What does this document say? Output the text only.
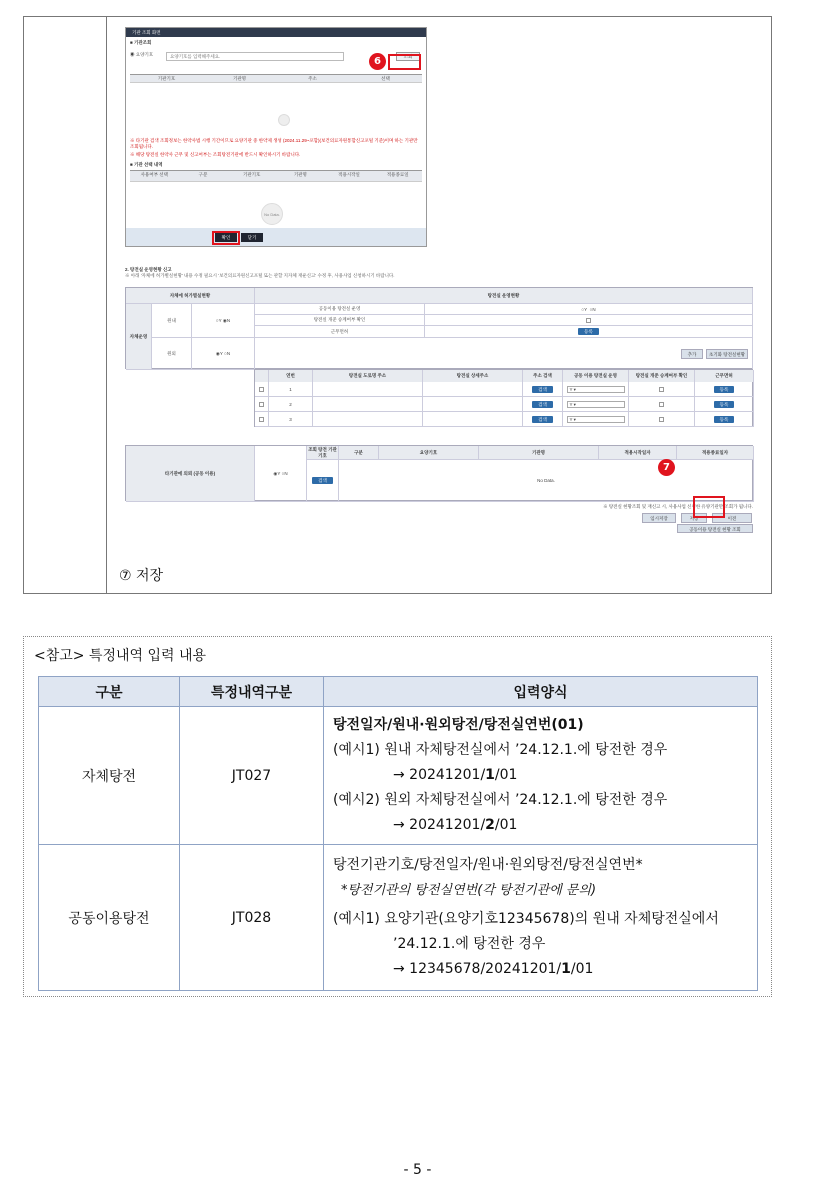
기관 조회 화면
■ 기관조회
◉ 요양기호	요양기호를 입력해주세요.	조회
기관기호	기관명	주소	선택
※ 타기관 검색 조회정보는 한약사법 시행 기간이므로 요양기관 중 한약제 생성 (2024.11.29~포함)(보건의료자원통합신고포털 기준)이며 하는 기관만 조회됩니다.
※ 해당 탕전실 한약사 근무 및 신고여부는 조회탕전기관에 반드시 확인하시기 바랍니다.
■ 기관 선택 내역
사용여부 선택	구분	기관기호	기관명	적용시작일	적용종료일
No Data.
확인	닫기
6
2. 탕전실 운영현황 신고
※ 아래 '자체에 허가별실현황' 내용 수정 필요시 '보건의료자원신고포털 또는 관할 지자체 재운신고' 수정 후, 사용사업 신청하시기 바랍니다.
자체에 허가별실현황	탕전실 운영현황
자체운영
원내	○ Y ◉ N
공동이용 탕전실 운영	○ Y ○ N
탕전실 개준 승계여부 확인
근무면허	등록
원외	◉ Y ○ N	추가	초기화 탕전실현황
연번	탕전실 도로명 주소	탕전실 상세주소	주소 검색	공동 이용 탕전실 운영	탕전실 개준 승계여부 확인	근무면허
1	검색	Y ▾	등록
2	검색	Y ▾	등록
3	검색	Y ▾	등록
타기관에 의뢰 (공동 이용)	◉ Y ○ N
조회 탕전 기관기호
구분	요양기호	기관명	적용시작일자	적용종료일자
검색	No Data.
※ 탕전실 현황조회 및 재신고 시, 사용사업 신청한 유양기관만 조회가 됩니다.
임시저장	저장	이전
공동이용 탕전실 현황 조회
7
⑦ 저장
<참고> 특정내역 입력 내용
구분	특정내역구분	입력양식
자체탕전	JT027	탕전일자/원내·원외탕전/탕전실연번(01)
(예시1) 원내 자체탕전실에서 ’24.12.1.에 탕전한 경우
→ 20241201/1/01
(예시2) 원외 자체탕전실에서 ’24.12.1.에 탕전한 경우
→ 20241201/2/01

공동이용탕전	JT028	탕전기관기호/탕전일자/원내·원외탕전/탕전실연번*
*탕전기관의 탕전실연번(각 탕전기관에 문의)
(예시1) 요양기관(요양기호12345678)의 원내 자체탕전실에서
’24.12.1.에 탕전한 경우
→ 12345678/20241201/1/01
- 5 -
